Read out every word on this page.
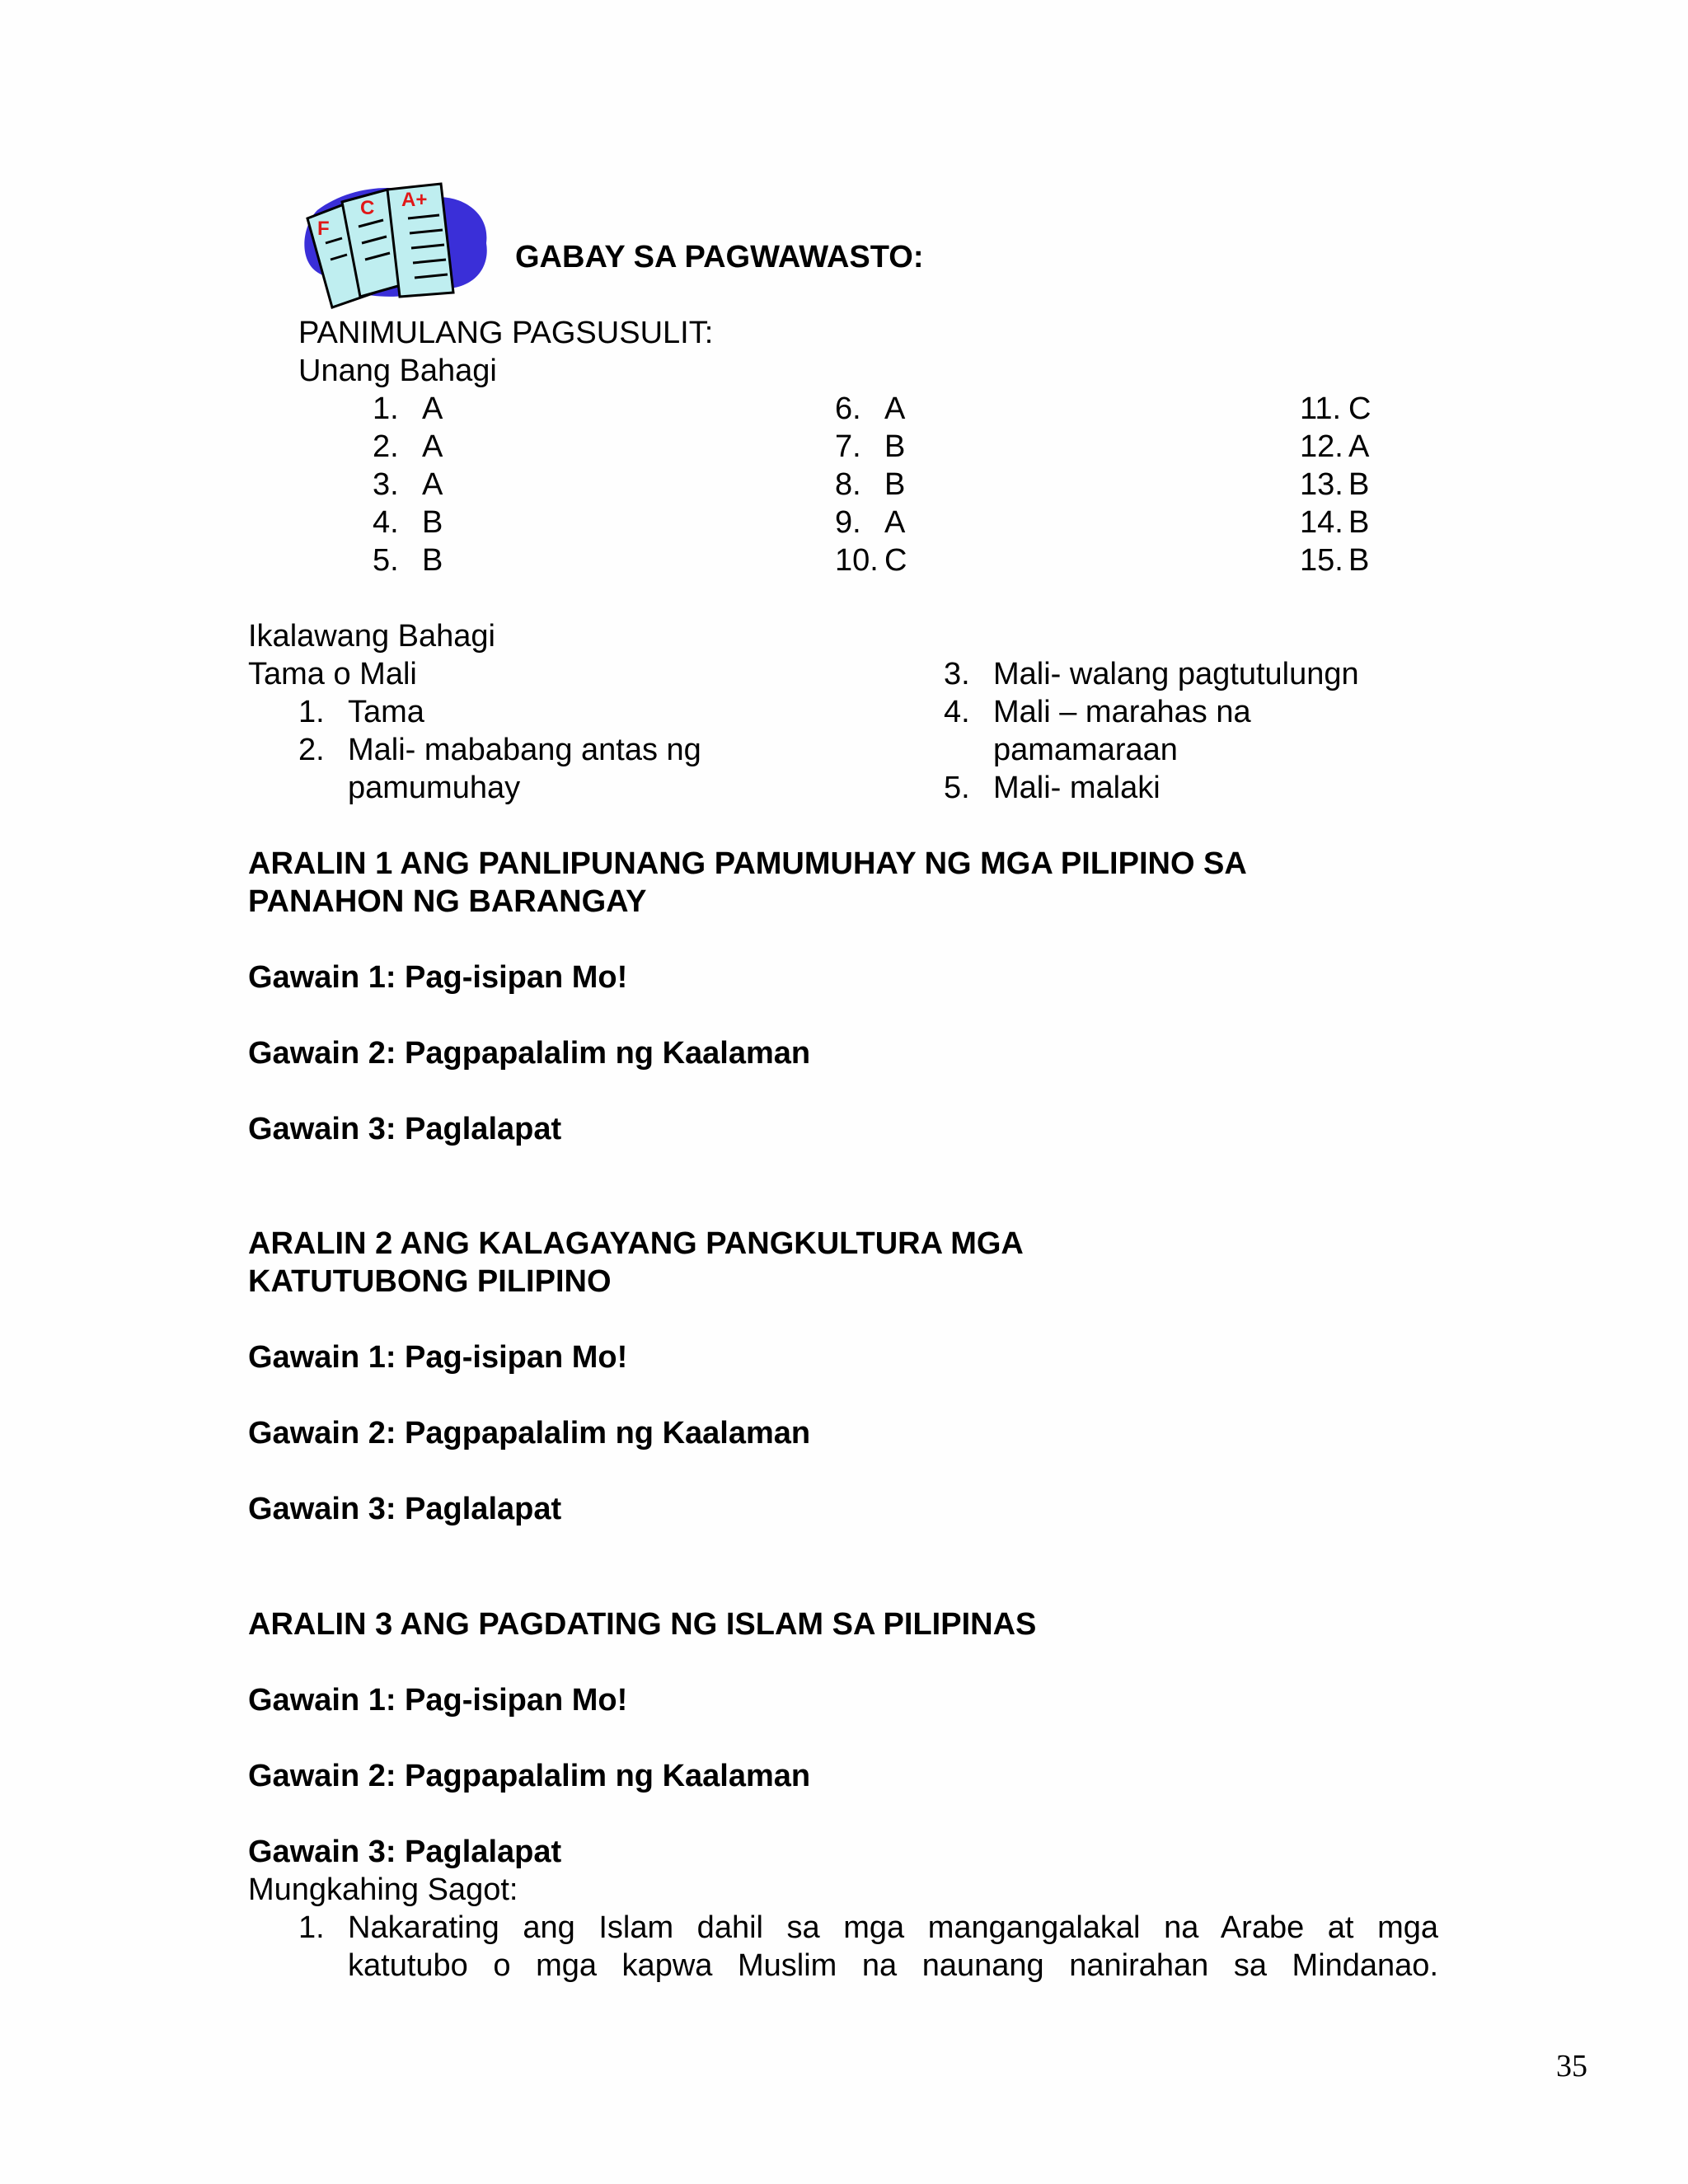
A+
C
F
GABAY SA PAGWAWASTO:
PANIMULANG PAGSUSULIT:
Unang Bahagi
1. A
2. A
3. A
4. B
5. B
6. A
7. B
8. B
9. A
10. C
11. C
12. A
13. B
14. B
15. B
Ikalawang Bahagi
Tama o Mali
1. Tama
2. Mali- mababang antas ng
pamumuhay
3. Mali- walang pagtutulungn
4. Mali – marahas na
pamamaraan
5. Mali- malaki
ARALIN 1 ANG PANLIPUNANG PAMUMUHAY NG MGA PILIPINO SA
PANAHON NG BARANGAY
Gawain 1: Pag-isipan Mo!
Gawain 2: Pagpapalalim ng Kaalaman
Gawain 3: Paglalapat
ARALIN 2 ANG KALAGAYANG PANGKULTURA MGA
KATUTUBONG PILIPINO
Gawain 1: Pag-isipan Mo!
Gawain 2: Pagpapalalim ng Kaalaman
Gawain 3: Paglalapat
ARALIN 3 ANG PAGDATING NG ISLAM SA PILIPINAS
Gawain 1: Pag-isipan Mo!
Gawain 2: Pagpapalalim ng Kaalaman
Gawain 3: Paglalapat
Mungkahing Sagot:
1. Nakarating ang Islam dahil sa mga mangangalakal na Arabe at mga
katutubo o mga kapwa Muslim na naunang nanirahan sa Mindanao.
35
